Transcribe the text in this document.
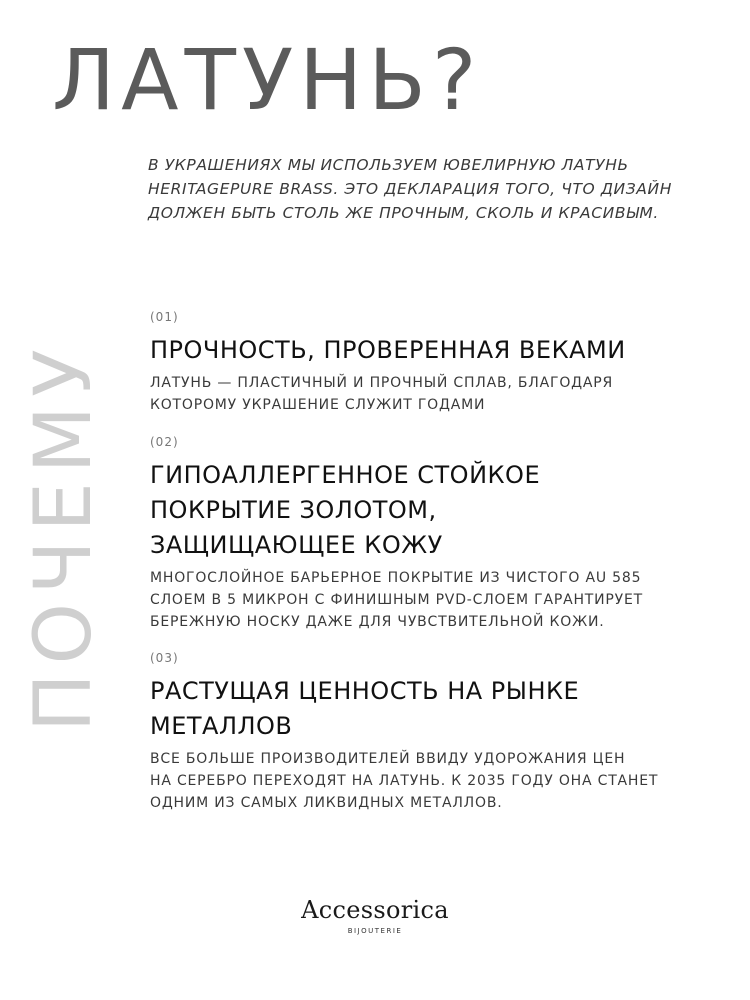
ПОЧЕМУ
ЛАТУНЬ?
В УКРАШЕНИЯХ МЫ ИСПОЛЬЗУЕМ ЮВЕЛИРНУЮ ЛАТУНЬ
HERITAGEPURE BRASS. ЭТО ДЕКЛАРАЦИЯ ТОГО, ЧТО ДИЗАЙН
ДОЛЖЕН БЫТЬ СТОЛЬ ЖЕ ПРОЧНЫМ, СКОЛЬ И КРАСИВЫМ.
(01)
ПРОЧНОСТЬ, ПРОВЕРЕННАЯ ВЕКАМИ
ЛАТУНЬ — ПЛАСТИЧНЫЙ И ПРОЧНЫЙ СПЛАВ, БЛАГОДАРЯ
КОТОРОМУ УКРАШЕНИЕ СЛУЖИТ ГОДАМИ
(02)
ГИПОАЛЛЕРГЕННОЕ СТОЙКОЕ
ПОКРЫТИЕ ЗОЛОТОМ,
ЗАЩИЩАЮЩЕЕ КОЖУ
МНОГОСЛОЙНОЕ БАРЬЕРНОЕ ПОКРЫТИЕ ИЗ ЧИСТОГО AU 585
СЛОЕМ В 5 МИКРОН С ФИНИШНЫМ PVD-СЛОЕМ ГАРАНТИРУЕТ
БЕРЕЖНУЮ НОСКУ ДАЖЕ ДЛЯ ЧУВСТВИТЕЛЬНОЙ КОЖИ.
(03)
РАСТУЩАЯ ЦЕННОСТЬ НА РЫНКЕ
МЕТАЛЛОВ
ВСЕ БОЛЬШЕ ПРОИЗВОДИТЕЛЕЙ ВВИДУ УДОРОЖАНИЯ ЦЕН
НА СЕРЕБРО ПЕРЕХОДЯТ НА ЛАТУНЬ. К 2035 ГОДУ ОНА СТАНЕТ
ОДНИМ ИЗ САМЫХ ЛИКВИДНЫХ МЕТАЛЛОВ.
Accessorica
BIJOUTERIE
